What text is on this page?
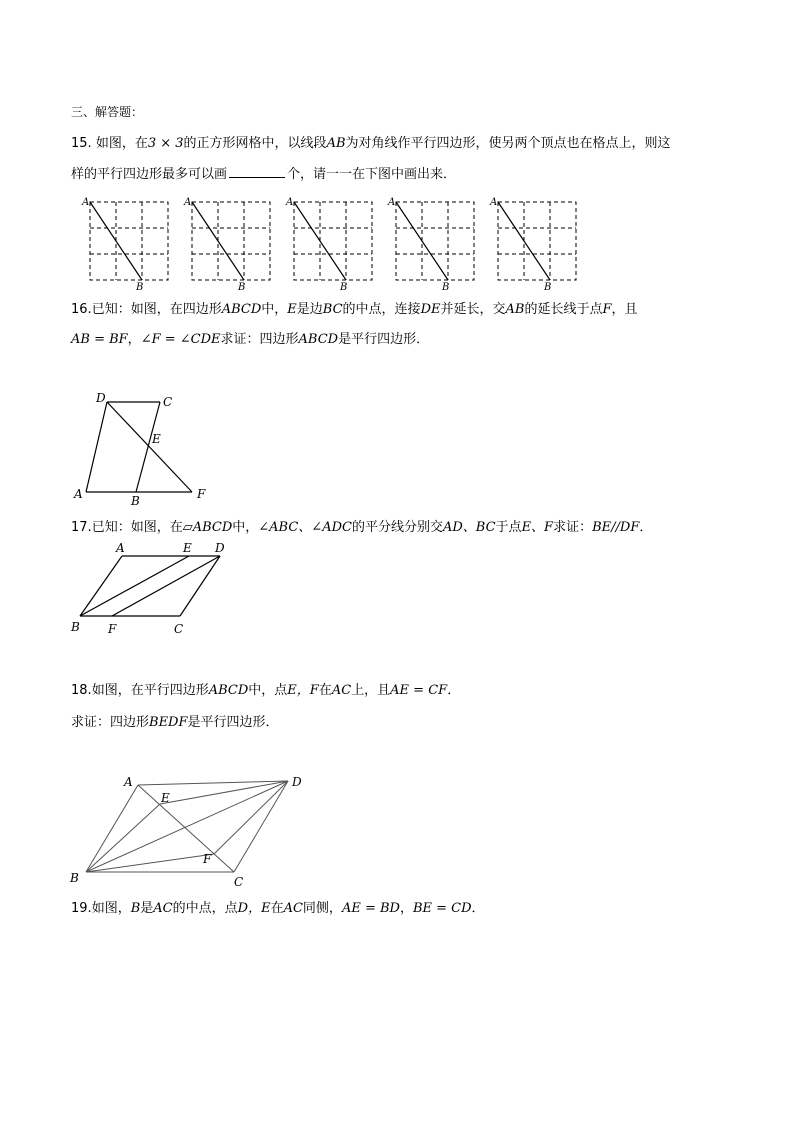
三、解答题：
15. 如图，在3 × 3的正方形网格中，以线段AB为对角线作平行四边形，使另两个顶点也在格点上，则这
样的平行四边形最多可以画	个，请一一在下图中画出来．
A
B
A
B
A
B
A
B
A
B
16.已知：如图，在四边形ABCD中，E是边BC的中点，连接DE并延长，交AB的延长线于点F，且
AB = BF，∠F = ∠CDE求证：四边形ABCD是平行四边形．
D	C
E
A	B	F
17.已知：如图，在▱ABCD中，∠ABC、∠ADC的平分线分别交AD、BC于点E、F求证：BE//DF．
A	E D
B F	C
18.如图，在平行四边形ABCD中，点E，F在AC上，且AE = CF．
求证：四边形BEDF是平行四边形．
A	D
E
F
B	C
19.如图，B是AC的中点，点D，E在AC同侧，AE = BD，BE = CD．
